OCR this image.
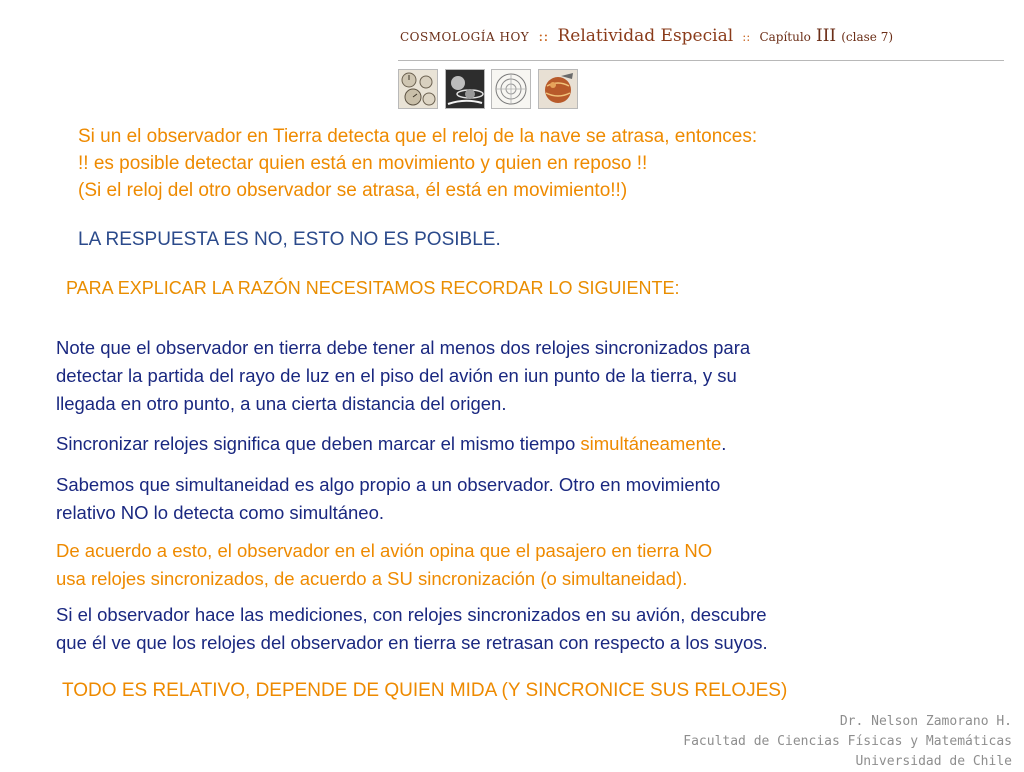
COSMOLOGÍA HOY :: Relatividad Especial :: Capítulo III (clase 7)
Si un el observador en Tierra detecta que el reloj de la nave se atrasa, entonces:
!! es posible detectar quien está en movimiento y quien en reposo !!
(Si el reloj del otro observador se atrasa, él está en movimiento!!)
LA RESPUESTA ES NO, ESTO NO ES POSIBLE.
PARA EXPLICAR LA RAZÓN NECESITAMOS RECORDAR LO SIGUIENTE:
Note que el observador en tierra debe tener al menos dos relojes sincronizados para
detectar la partida del rayo de luz en el piso del avión en iun punto de la tierra, y su
llegada en otro punto, a una cierta distancia del origen.
Sincronizar relojes significa que deben marcar el mismo tiempo simultáneamente.
Sabemos que simultaneidad es algo propio a un observador. Otro en movimiento
relativo NO lo detecta como simultáneo.
De acuerdo a esto, el observador en el avión opina que el pasajero en tierra NO
usa relojes sincronizados, de acuerdo a SU sincronización (o simultaneidad).
Si el observador hace las mediciones, con relojes sincronizados en su avión, descubre
que él ve que los relojes del observador en tierra se retrasan con respecto a los suyos.
TODO ES RELATIVO, DEPENDE DE QUIEN MIDA (Y SINCRONICE SUS RELOJES)
Dr. Nelson Zamorano H.
Facultad de Ciencias Físicas y Matemáticas
Universidad de Chile
